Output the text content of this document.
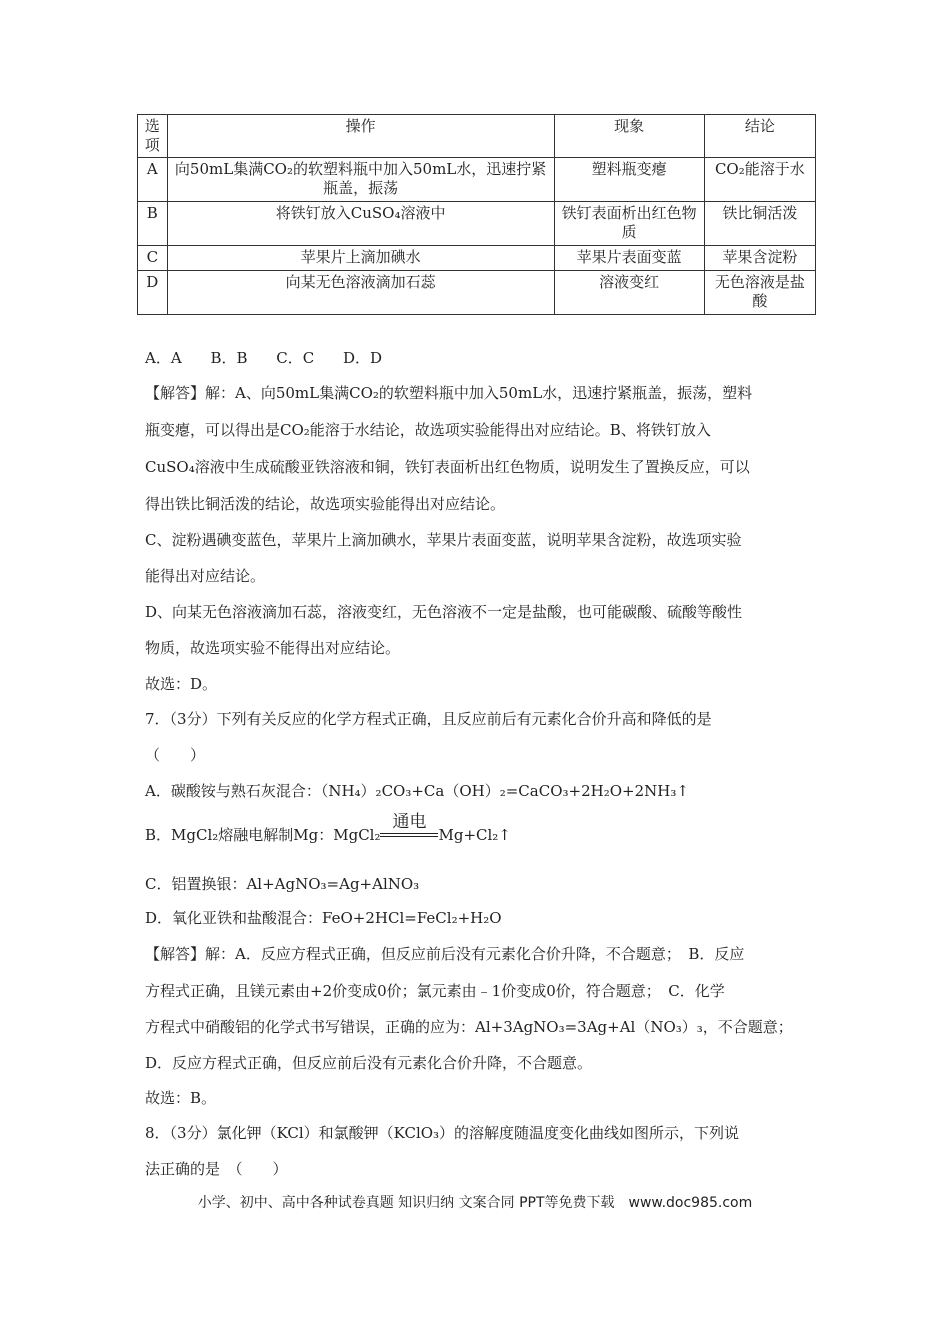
选项	操作	现象	结论
A	向50mL集满CO₂的软塑料瓶中加入50mL水，迅速拧紧瓶盖，振荡	塑料瓶变瘪	CO₂能溶于水
B	将铁钉放入CuSO₄溶液中	铁钉表面析出红色物质	铁比铜活泼
C	苹果片上滴加碘水	苹果片表面变蓝	苹果含淀粉
D	向某无色溶液滴加石蕊	溶液变红	无色溶液是盐酸
A．A B．B C．C D．D
【解答】解：A、向50mL集满CO₂的软塑料瓶中加入50mL水，迅速拧紧瓶盖，振荡，塑料
瓶变瘪，可以得出是CO₂能溶于水结论，故选项实验能得出对应结论。B、将铁钉放入
CuSO₄溶液中生成硫酸亚铁溶液和铜，铁钉表面析出红色物质，说明发生了置换反应，可以
得出铁比铜活泼的结论，故选项实验能得出对应结论。
C、淀粉遇碘变蓝色，苹果片上滴加碘水，苹果片表面变蓝，说明苹果含淀粉，故选项实验
能得出对应结论。
D、向某无色溶液滴加石蕊，溶液变红，无色溶液不一定是盐酸，也可能碳酸、硫酸等酸性
物质，故选项实验不能得出对应结论。
故选：D。
7．（3分）下列有关反应的化学方程式正确，且反应前后有元素化合价升高和降低的是
（　　）
A．碳酸铵与熟石灰混合：（NH₄）₂CO₃+Ca（OH）₂=CaCO₃+2H₂O+2NH₃↑
B．MgCl₂熔融电解制Mg：MgCl₂
通电
Mg+Cl₂↑
C．铝置换银：Al+AgNO₃=Ag+AlNO₃
D．氧化亚铁和盐酸混合：FeO+2HCl=FeCl₂+H₂O
【解答】解：A．反应方程式正确，但反应前后没有元素化合价升降，不合题意；　B．反应
方程式正确，且镁元素由+2价变成0价；氯元素由﹣1价变成0价，符合题意；　C．化学
方程式中硝酸铝的化学式书写错误，正确的应为：Al+3AgNO₃=3Ag+Al（NO₃）₃，不合题意；
D．反应方程式正确，但反应前后没有元素化合价升降，不合题意。
故选：B。
8．（3分）氯化钾（KCl）和氯酸钾（KClO₃）的溶解度随温度变化曲线如图所示，下列说
法正确的是　（　　）
小学、初中、高中各种试卷真题 知识归纳 文案合同 PPT等免费下载　www.doc985.com
